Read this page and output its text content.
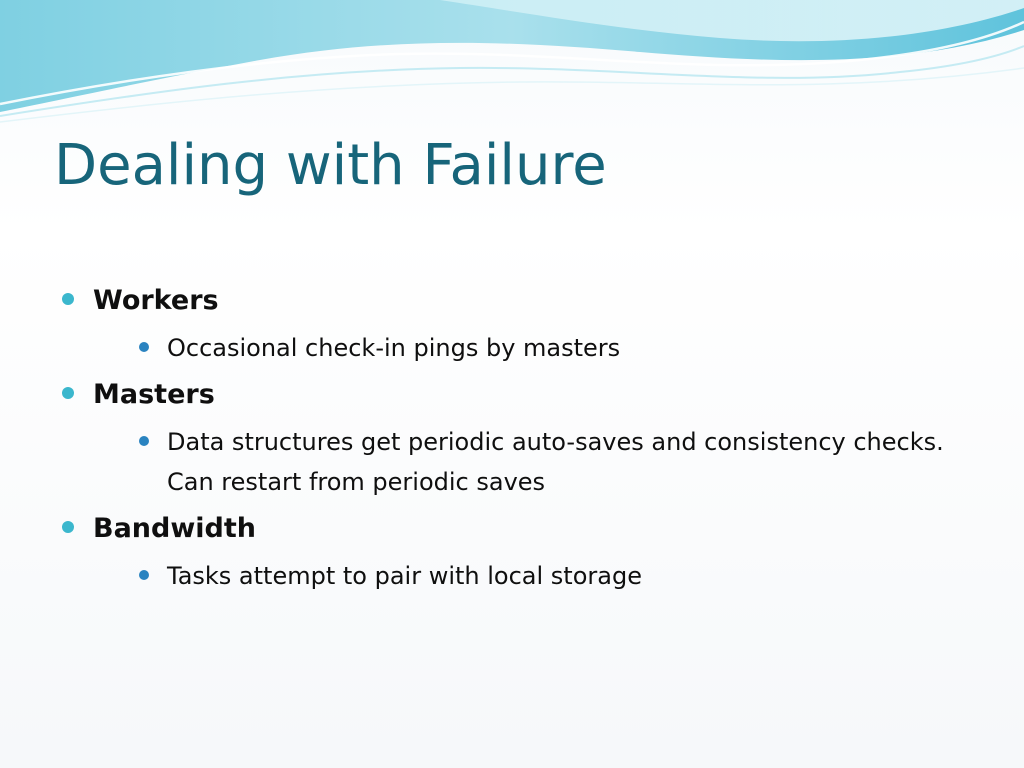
Dealing with Failure
Workers
Occasional check-in pings by masters
Masters
Data structures get periodic auto-saves and consistency checks. Can restart from periodic saves
Bandwidth
Tasks attempt to pair with local storage
